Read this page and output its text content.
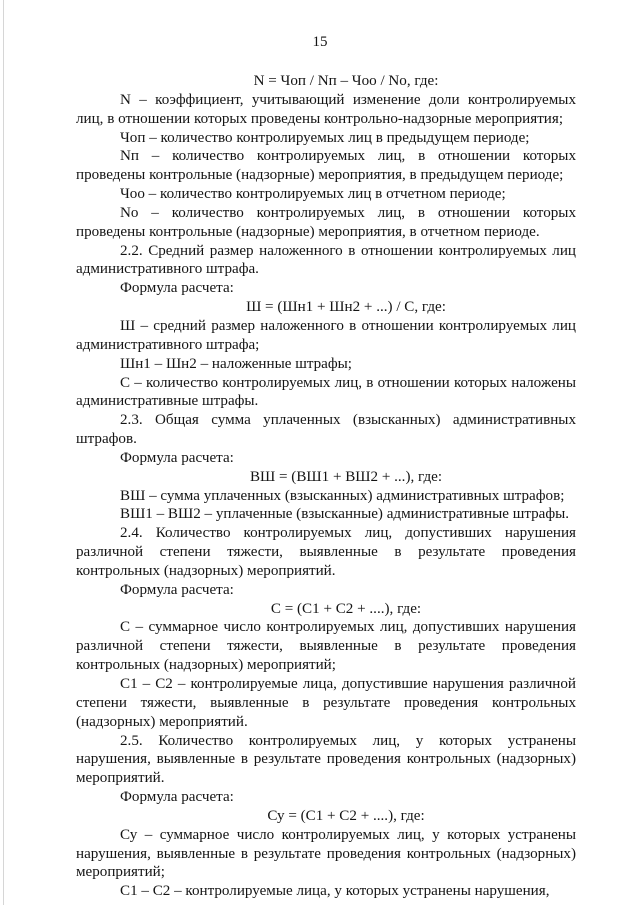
15

N = Чоп / Nп – Чоо / No, где:

N – коэффициент, учитывающий изменение доли контролируемых лиц, в отношении которых проведены контрольно-надзорные мероприятия;

Чоп – количество контролируемых лиц в предыдущем периоде;

Nп – количество контролируемых лиц, в отношении которых проведены контрольные (надзорные) мероприятия, в предыдущем периоде;

Чоо – количество контролируемых лиц в отчетном периоде;

No – количество контролируемых лиц, в отношении которых проведены контрольные (надзорные) мероприятия, в отчетном периоде.

2.2. Средний размер наложенного в отношении контролируемых лиц административного штрафа.

Формула расчета:

Ш = (Шн1 + Шн2 + ...) / С, где:

Ш – средний размер наложенного в отношении контролируемых лиц административного штрафа;

Шн1 – Шн2 – наложенные штрафы;

С – количество контролируемых лиц, в отношении которых наложены административные штрафы.

2.3. Общая сумма уплаченных (взысканных) административных штрафов.

Формула расчета:

ВШ = (ВШ1 + ВШ2 + ...), где:

ВШ – сумма уплаченных (взысканных) административных штрафов;

ВШ1 – ВШ2 – уплаченные (взысканные) административные штрафы.

2.4. Количество контролируемых лиц, допустивших нарушения различной степени тяжести, выявленные в результате проведения контрольных (надзорных) мероприятий.

Формула расчета:

С = (С1 + С2 + ....), где:

С – суммарное число контролируемых лиц, допустивших нарушения различной степени тяжести, выявленные в результате проведения контрольных (надзорных) мероприятий;

С1 – С2 – контролируемые лица, допустившие нарушения различной степени тяжести, выявленные в результате проведения контрольных (надзорных) мероприятий.

2.5. Количество контролируемых лиц, у которых устранены нарушения, выявленные в результате проведения контрольных (надзорных) мероприятий.

Формула расчета:

Су = (С1 + С2 + ....), где:

Су – суммарное число контролируемых лиц, у которых устранены нарушения, выявленные в результате проведения контрольных (надзорных) мероприятий;

С1 – С2 – контролируемые лица, у которых устранены нарушения,
